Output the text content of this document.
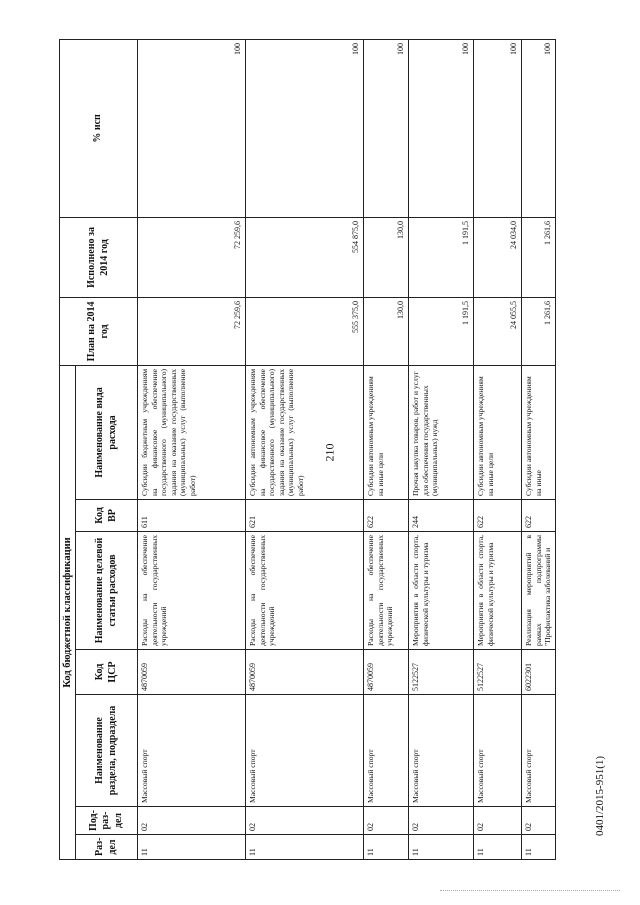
210
Код бюджетной классификации							План на 2014 год	Исполнено за 2014 год	% исп
Раз-дел	Под-раз-дел	Наименование раздела, подраздела	Код ЦСР	Наименование целевой статьи расходов	Код ВР	Наименование вида расхода			
11	02	Массовый спорт	4870059	Расходы на обеспечение деятельности государственных учреждений	611	Субсидии бюджетным учреждениям на финансовое обеспечение государственного (муниципального) задания на оказание государственных (муниципальных) услуг (выполнение работ)	72 259,6	72 259,6	100
11	02	Массовый спорт	4870059	Расходы на обеспечение деятельности государственных учреждений	621	Субсидии автономным учреждениям на финансовое обеспечение государственного (муниципального) задания на оказание государственных (муниципальных) услуг (выполнение работ)	555 375,0	554 875,0	100
11	02	Массовый спорт	4870059	Расходы на обеспечение деятельности государственных учреждений	622	Субсидии автономным учреждениям на иные цели	130,0	130,0	100
11	02	Массовый спорт	5122527	Мероприятия в области спорта, физической культуры и туризма	244	Прочая закупка товаров, работ и услуг для обеспечения государственных (муниципальных) нужд	1 191,5	1 191,5	100
11	02	Массовый спорт	5122527	Мероприятия в области спорта, физической культуры и туризма	622	Субсидии автономным учреждениям на иные цели	24 055,5	24 034,0	100
11	02	Массовый спорт	6022301	Реализация мероприятий в рамках подпрограммы "Профилактика заболеваний и	622	Субсидии автономным учреждениям на иные	1 261,6	1 261,6	100
0401/2015-951(1)
